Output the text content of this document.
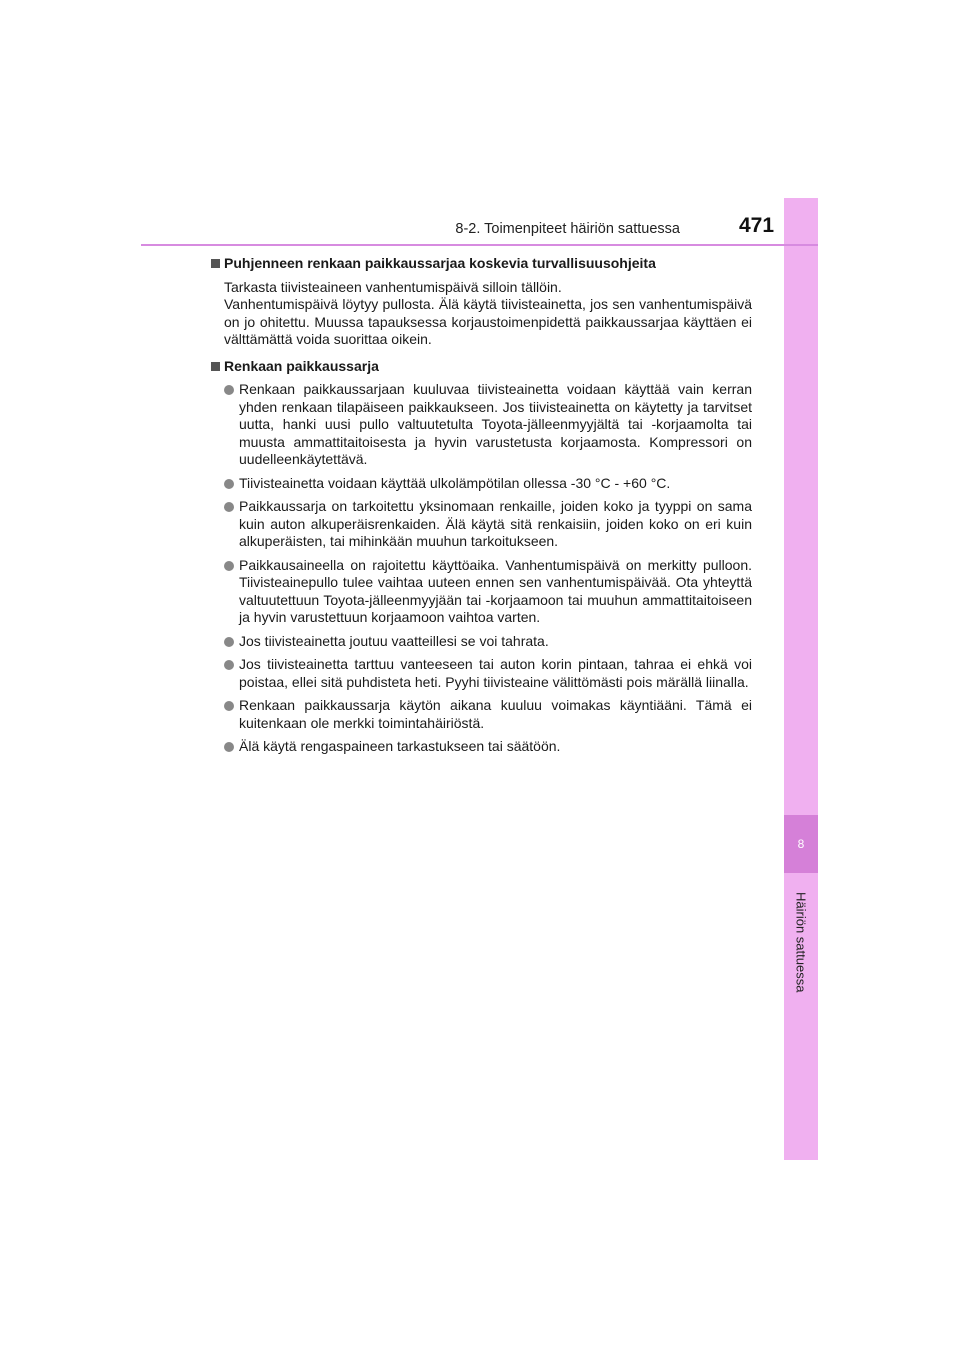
8
Häiriön sattuessa
8-2. Toimenpiteet häiriön sattuessa	471
Puhjenneen renkaan paikkaussarjaa koskevia turvallisuusohjeita

Tarkasta tiivisteaineen vanhentumispäivä silloin tällöin.

Vanhentumispäivä löytyy pullosta. Älä käytä tiivisteainetta, jos sen vanhentumispäivä on jo ohitettu. Muussa tapauksessa korjaustoimenpidettä paikkaussarjaa käyttäen ei välttämättä voida suorittaa oikein.

Renkaan paikkaussarja
Renkaan paikkaussarjaan kuuluvaa tiivisteainetta voidaan käyttää vain kerran yhden renkaan tilapäiseen paikkaukseen. Jos tiivisteainetta on käytetty ja tarvitset uutta, hanki uusi pullo valtuutetulta Toyota-jälleenmyyjältä tai -korjaamolta tai muusta ammattitaitoisesta ja hyvin varustetusta korjaamosta. Kompressori on uudelleenkäytettävä.
Tiivisteainetta voidaan käyttää ulkolämpötilan ollessa -30 °C - +60 °C.
Paikkaussarja on tarkoitettu yksinomaan renkaille, joiden koko ja tyyppi on sama kuin auton alkuperäisrenkaiden. Älä käytä sitä renkaisiin, joiden koko on eri kuin alkuperäisten, tai mihinkään muuhun tarkoitukseen.
Paikkausaineella on rajoitettu käyttöaika. Vanhentumispäivä on merkitty pulloon. Tiivisteainepullo tulee vaihtaa uuteen ennen sen vanhentumispäivää. Ota yhteyttä valtuutettuun Toyota-jälleenmyyjään tai -korjaamoon tai muuhun ammattitaitoiseen ja hyvin varustettuun korjaamoon vaihtoa varten.
Jos tiivisteainetta joutuu vaatteillesi se voi tahrata.
Jos tiivisteainetta tarttuu vanteeseen tai auton korin pintaan, tahraa ei ehkä voi poistaa, ellei sitä puhdisteta heti. Pyyhi tiivisteaine välittömästi pois märällä liinalla.
Renkaan paikkaussarja käytön aikana kuuluu voimakas käyntiääni. Tämä ei kuitenkaan ole merkki toimintahäiriöstä.
Älä käytä rengaspaineen tarkastukseen tai säätöön.
